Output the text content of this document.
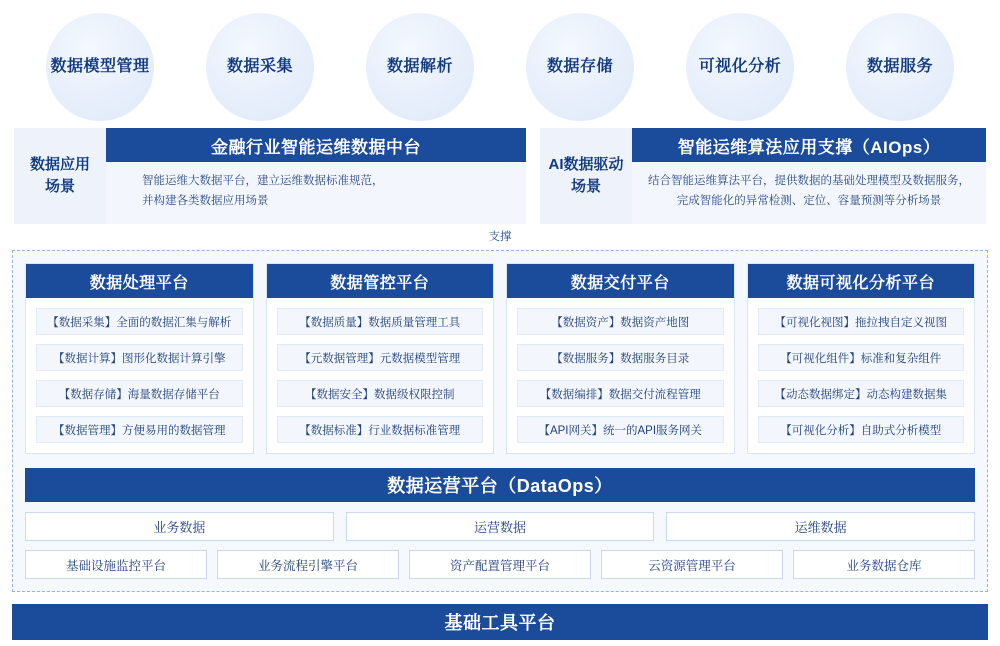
数据模型管理	数据采集	数据解析	数据存储	可视化分析	数据服务
数据应用
场景
金融行业智能运维数据中台
智能运维大数据平台，建立运维数据标准规范，
并构建各类数据应用场景
AI数据驱动
场景
智能运维算法应用支撑（AIOps）
结合智能运维算法平台，提供数据的基础处理模型及数据服务，
完成智能化的异常检测、定位、容量预测等分析场景
支撑
数据处理平台
【数据采集】全面的数据汇集与解析
【数据计算】图形化数据计算引擎
【数据存储】海量数据存储平台
【数据管理】方便易用的数据管理
数据管控平台
【数据质量】数据质量管理工具
【元数据管理】元数据模型管理
【数据安全】数据级权限控制
【数据标准】行业数据标准管理
数据交付平台
【数据资产】数据资产地图
【数据服务】数据服务目录
【数据编排】数据交付流程管理
【API网关】统一的API服务网关
数据可视化分析平台
【可视化视图】拖拉拽自定义视图
【可视化组件】标准和复杂组件
【动态数据绑定】动态构建数据集
【可视化分析】自助式分析模型
数据运营平台（DataOps）
业务数据	运营数据	运维数据
基础设施监控平台	业务流程引擎平台	资产配置管理平台	云资源管理平台	业务数据仓库
基础工具平台
